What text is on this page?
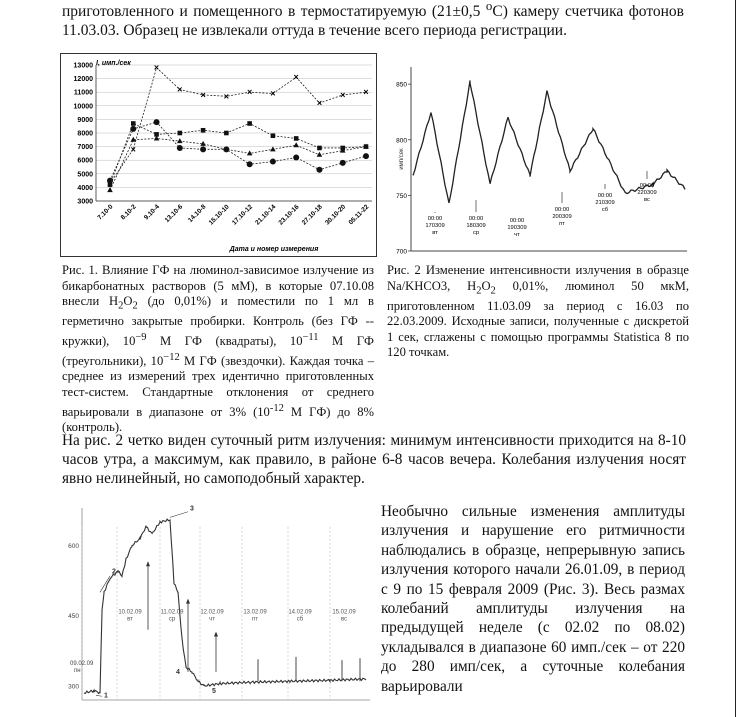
приготовленного и помещенного в термостатируемую (21±0,5 $^o$С) камеру счетчика фотонов 11.03.03. Образец не извлекали оттуда в течение всего периода регистрации.

13000
12000
11000
10000
9000
8000
7000
6000
5000
4000
3000
7.10-0 8.10-2 9.10-4 13.10-6 14.10-8 15.10-10 17.10-12 21.10-14 23.10-16 27.10-18 30.10-20 05.11-22
×
×
×
× × × ×
×
×
× ×
I, имп./сек
Дата и номер измерения
850
800
750
700
имп/сек
00:00
170309
вт
00:00
180309
ср
00:00
190309
чт
00:00
200309
пт
00:00
210309
сб
00:00
220309
вс

Рис. 1. Влияние ГФ на люминол-зависимое излучение из бикарбонатных растворов (5 мМ), в которые 07.10.08 внесли $H_2O_2$ (до 0,01%) и поместили по 1 мл в герметично закрытые пробирки. Контроль (без ГФ -- кружки), $10^{-9}$ М ГФ (квадраты), $10^{-11}$ М ГФ (треугольники), $10^{-12}$ М ГФ (звездочки). Каждая точка – среднее из измерений трех идентично приготовленных тест-систем. Стандартные отклонения от среднего варьировали в диапазоне от 3% ($10^{-12}$ М ГФ) до 8% (контроль).

Рис. 2 Изменение интенсивности излучения в образце Na/KHCO3, $H_2O_2$ 0,01%, люминол 50 мкМ, приготовленном 11.03.09 за период с 16.03 по 22.03.2009. Исходные записи, полученные с дискретой 1 сек, сглажены с помощью программы Statistica 8 по 120 точкам.

На рис. 2 четко виден суточный ритм излучения: минимум интенсивности приходится на 8-10 часов утра, а максимум, как правило, в районе 6-8 часов вечера. Колебания излучения носят явно нелинейный, но самоподобный характер.

600
450
300
09.02.09
пн
10.02.09
вт
11.02.09
ср
12.02.09
чт
13.02.09
пт
14.02.09
сб
15.02.09
вс
1
2
3
4
5

Необычно сильные изменения амплитуды излучения и нарушение его ритмичности наблюдались в образце, непрерывную запись излучения которого начали 26.01.09, в период с 9 по 15 февраля 2009 (Рис. 3). Весь размах колебаний амплитуды излучения на предыдущей неделе (с 02.02 по 08.02) укладывался в диапазоне 60 имп./сек – от 220 до 280 имп/сек, а суточные колебания варьировали
